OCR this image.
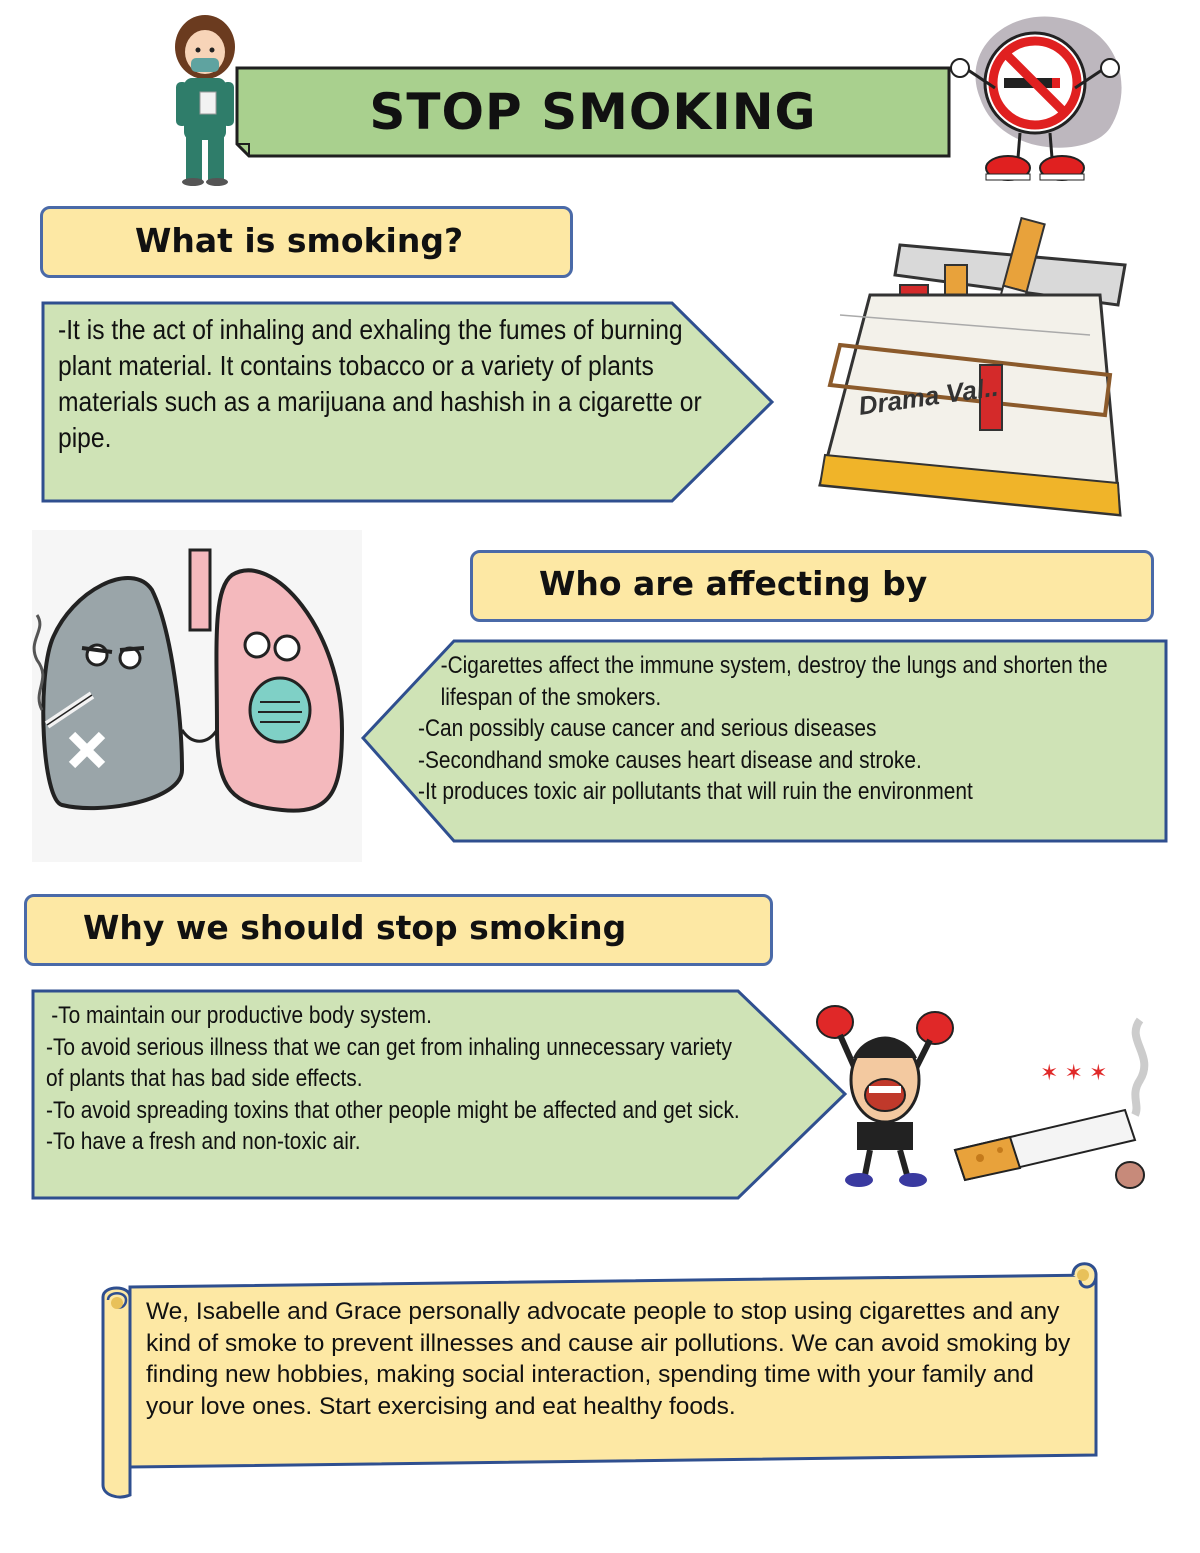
STOP SMOKING
What is smoking?
-It is the act of inhaling and exhaling the fumes of burning plant material. It contains tobacco or a variety of plants materials such as a marijuana and hashish in a cigarette or pipe.
Drama Val..
Who are affecting by
-Cigarettes affect the immune system, destroy the lungs and shorten the lifespan of the smokers.
-Can possibly cause cancer and serious diseases
-Secondhand smoke causes heart disease and stroke.
-It produces toxic air pollutants that will ruin the environment
Why we should stop smoking
-To maintain our productive body system.
-To avoid serious illness that we can get from inhaling unnecessary variety of plants that has bad side effects.
-To avoid spreading toxins that other people might be affected and get sick.
-To have a fresh and non-toxic air.
✶ ✶ ✶
We, Isabelle and Grace personally advocate people to stop using cigarettes and any kind of smoke to prevent illnesses and cause air pollutions. We can avoid smoking by finding new hobbies, making social interaction, spending time with your family and your love ones. Start exercising and eat healthy foods.
